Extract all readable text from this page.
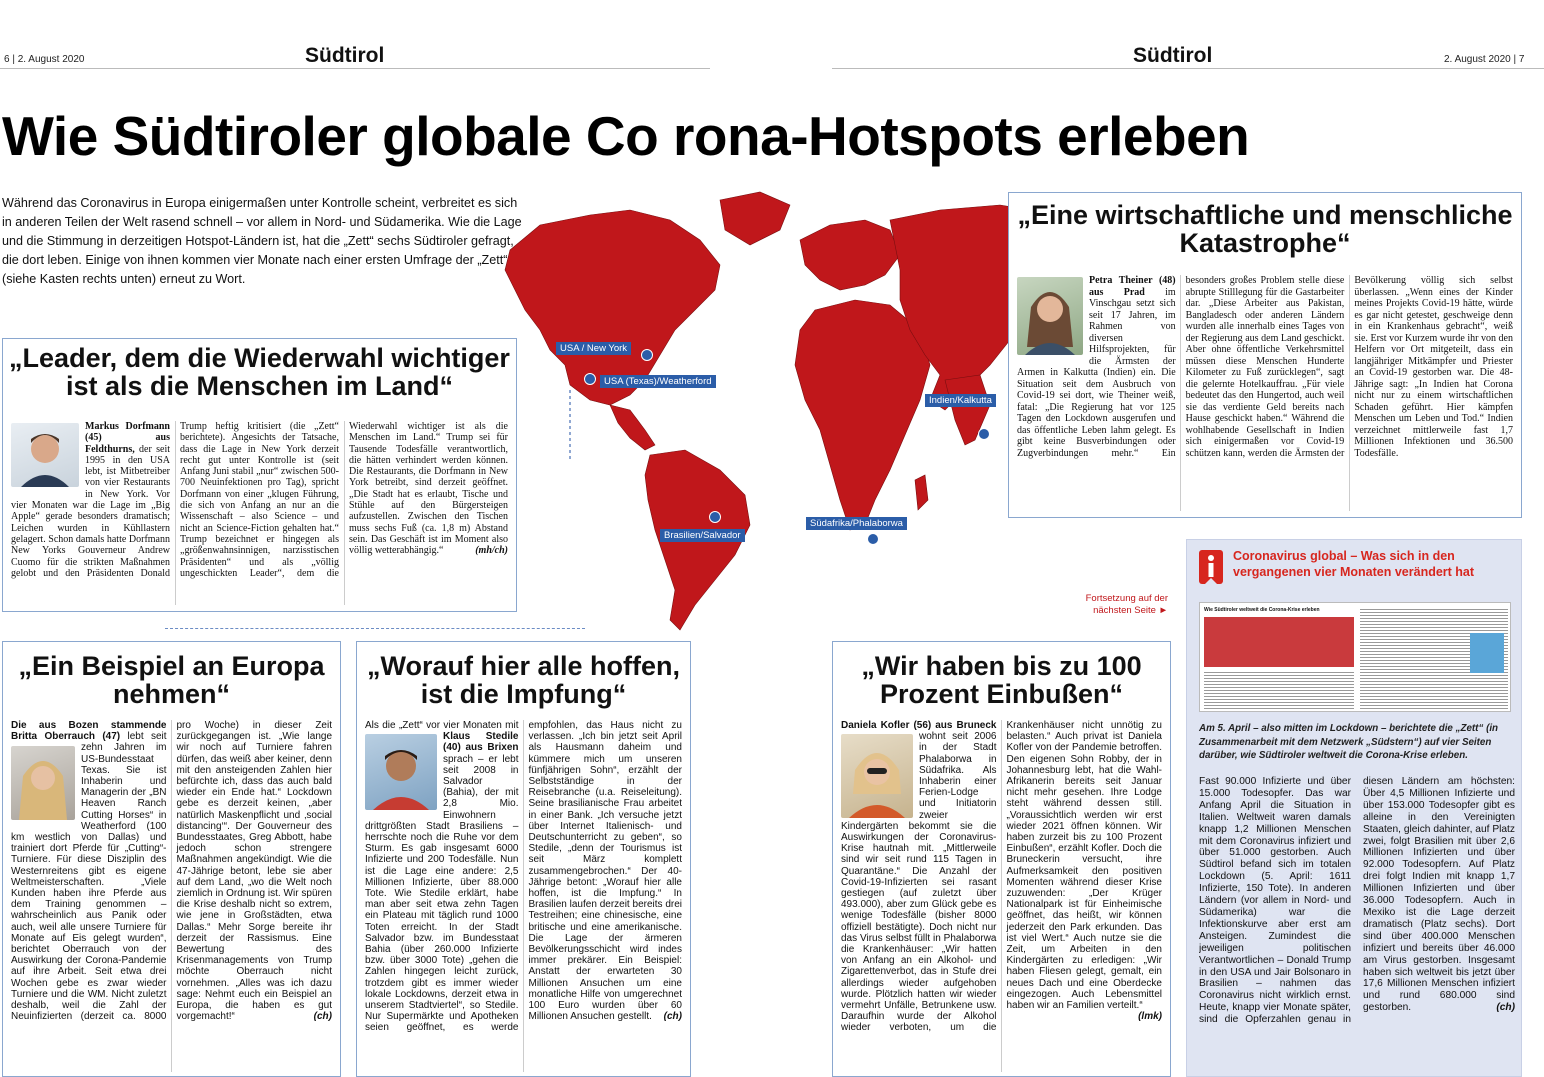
6 | 2. August 2020	Südtirol	Südtirol	2. August 2020 | 7
Wie Südtiroler globale Co rona-Hotspots erleben
USA / New York
USA (Texas)/Weatherford
Indien/Kalkutta
Brasilien/Salvador
Südafrika/Phalaborwa
Während das Coronavirus in Europa einigermaßen unter Kontrolle scheint, verbreitet es sich in anderen Teilen der Welt rasend schnell – vor allem in Nord- und Südamerika. Wie die Lage und die Stimmung in derzeitigen Hotspot-Ländern ist, hat die „Zett“ sechs Südtiroler gefragt, die dort leben. Einige von ihnen kommen vier Monate nach einer ersten Umfrage der „Zett“ (siehe Kasten rechts unten) erneut zu Wort.
Fortsetzung auf der nächsten Seite ►
„Leader, dem die Wiederwahl wichtiger ist als die Menschen im Land“
Markus Dorfmann (45) aus Feldthurns, der seit 1995 in den USA lebt, ist Mitbetreiber von vier Restaurants in New York. Vor vier Monaten war die Lage im „Big Apple“ gerade besonders dramatisch; Leichen wurden in Kühllastern gelagert. Schon damals hatte Dorfmann New Yorks Gouverneur Andrew Cuomo für die strikten Maßnahmen gelobt und den Präsidenten Donald Trump heftig kritisiert (die „Zett“ berichtete). Angesichts der Tatsache, dass die Lage in New York derzeit recht gut unter Kontrolle ist (seit Anfang Juni stabil „nur“ zwischen 500-700 Neuinfektionen pro Tag), spricht Dorfmann von einer „klugen Führung, die sich von Anfang an nur an die Wissenschaft – also Science – und nicht an Science-Fiction gehalten hat.“ Trump bezeichnet er hingegen als „größenwahnsinnigen, narzisstischen Präsidenten“ und als „völlig ungeschickten Leader“, dem die Wiederwahl wichtiger ist als die Menschen im Land.“ Trump sei für Tausende Todesfälle verantwortlich, die hätten verhindert werden können. Die Restaurants, die Dorfmann in New York betreibt, sind derzeit geöffnet. „Die Stadt hat es erlaubt, Tische und Stühle auf den Bürgersteigen aufzustellen. Zwischen den Tischen muss sechs Fuß (ca. 1,8 m) Abstand sein. Das Geschäft ist im Moment also völlig wetterabhängig.“	(mh/ch)
„Eine wirtschaftliche und menschliche Katastrophe“
Petra Theiner (48) aus Prad im Vinschgau setzt sich seit 17 Jahren, im Rahmen von diversen Hilfsprojekten, für die Ärmsten der Armen in Kalkutta (Indien) ein. Die Situation seit dem Ausbruch von Covid-19 sei dort, wie Theiner weiß, fatal: „Die Regierung hat vor 125 Tagen den Lockdown ausgerufen und das öffentliche Leben lahm gelegt. Es gibt keine Busverbindungen oder Zugverbindungen mehr.“ Ein besonders großes Problem stelle diese abrupte Stilllegung für die Gastarbeiter dar. „Diese Arbeiter aus Pakistan, Bangladesch oder anderen Ländern wurden alle innerhalb eines Tages von der Regierung aus dem Land geschickt. Aber ohne öffentliche Verkehrsmittel müssen diese Menschen Hunderte Kilometer zu Fuß zurücklegen“, sagt die gelernte Hotelkauffrau. „Für viele bedeutet das den Hungertod, auch weil sie das verdiente Geld bereits nach Hause geschickt haben.“ Während die wohlhabende Gesellschaft in Indien sich einigermaßen vor Covid-19 schützen kann, werden die Ärmsten der Bevölkerung völlig sich selbst überlassen. „Wenn eines der Kinder meines Projekts Covid-19 hätte, würde es gar nicht getestet, geschweige denn in ein Krankenhaus gebracht“, weiß sie. Erst vor Kurzem wurde ihr von den Helfern vor Ort mitgeteilt, dass ein langjähriger Mitkämpfer und Priester an Covid-19 gestorben war. Die 48-Jährige sagt: „In Indien hat Corona nicht nur zu einem wirtschaftlichen Schaden geführt. Hier kämpfen Menschen um Leben und Tod.“ Indien verzeichnet mittlerweile fast 1,7 Millionen Infektionen und 36.500 Todesfälle.
„Ein Beispiel an Europa nehmen“
Die aus Bozen stammende Britta Oberrauch (47) lebt seit zehn Jahren im US-Bundesstaat Texas. Sie ist Inhaberin und Managerin der „BN Heaven Ranch Cutting Horses“ in Weatherford (100 km westlich von Dallas) und trainiert dort Pferde für „Cutting“-Turniere. Für diese Disziplin des Westernreitens gibt es eigene Weltmeisterschaften. „Viele Kunden haben ihre Pferde aus dem Training genommen – wahrscheinlich aus Panik oder auch, weil alle unsere Turniere für Monate auf Eis gelegt wurden“, berichtet Oberrauch von der Auswirkung der Corona-Pandemie auf ihre Arbeit. Seit etwa drei Wochen gebe es zwar wieder Turniere und die WM. Nicht zuletzt deshalb, weil die Zahl der Neuinfizierten (derzeit ca. 8000 pro Woche) in dieser Zeit zurückgegangen ist. „Wie lange wir noch auf Turniere fahren dürfen, das weiß aber keiner, denn mit den ansteigenden Zahlen hier befürchte ich, dass das auch bald wieder ein Ende hat.“ Lockdown gebe es derzeit keinen, „aber natürlich Maskenpflicht und ‚social distancing‘“. Der Gouverneur des Bundesstaates, Greg Abbott, habe jedoch schon strengere Maßnahmen angekündigt. Wie die 47-Jährige betont, lebe sie aber auf dem Land, „wo die Welt noch ziemlich in Ordnung ist. Wir spüren die Krise deshalb nicht so extrem, wie jene in Großstädten, etwa Dallas.“ Mehr Sorge bereite ihr derzeit der Rassismus. Eine Bewertung des Krisenmanagements von Trump möchte Oberrauch nicht vornehmen. „Alles was ich dazu sage: Nehmt euch ein Beispiel an Europa, die haben es gut vorgemacht!“	(ch)
„Worauf hier alle hoffen, ist die Impfung“
Als die „Zett“ vor vier Monaten mit
Klaus Stedile (40) aus Brixen sprach – er lebt seit 2008 in Salvador (Bahia), der mit 2,8 Mio. Einwohnern drittgrößten Stadt Brasiliens – herrschte noch die Ruhe vor dem Sturm. Es gab insgesamt 6000 Infizierte und 200 Todesfälle. Nun ist die Lage eine andere: 2,5 Millionen Infizierte, über 88.000 Tote. Wie Stedile erklärt, habe man aber seit etwa zehn Tagen ein Plateau mit täglich rund 1000 Toten erreicht. In der Stadt Salvador bzw. im Bundesstaat Bahia (über 260.000 Infizierte bzw. über 3000 Tote) „gehen die Zahlen hingegen leicht zurück, trotzdem gibt es immer wieder lokale Lockdowns, derzeit etwa in unserem Stadtviertel“, so Stedile. Nur Supermärkte und Apotheken seien geöffnet, es werde empfohlen, das Haus nicht zu verlassen. „Ich bin jetzt seit April als Hausmann daheim und kümmere mich um unseren fünfjährigen Sohn“, erzählt der Selbstständige in der Reisebranche (u.a. Reiseleitung). Seine brasilianische Frau arbeitet in einer Bank. „Ich versuche jetzt über Internet Italienisch- und Deutschunterricht zu geben“, so Stedile, „denn der Tourismus ist seit März komplett zusammengebrochen.“ Der 40-Jährige betont: „Worauf hier alle hoffen, ist die Impfung.“ In Brasilien laufen derzeit bereits drei Testreihen; eine chinesische, eine britische und eine amerikanische. Die Lage der ärmeren Bevölkerungsschicht wird indes immer prekärer. Ein Beispiel: Anstatt der erwarteten 30 Millionen Ansuchen um eine monatliche Hilfe von umgerechnet 100 Euro wurden über 60 Millionen Ansuchen gestellt. (ch)
„Wir haben bis zu 100 Prozent Einbußen“
Daniela Kofler (56) aus Bruneck
wohnt seit 2006 in der Stadt Phalaborwa in Südafrika. Als Inhaberin einer Ferien-Lodge und Initiatorin zweier Kindergärten bekommt sie die Auswirkungen der Coronavirus-Krise hautnah mit. „Mittlerweile sind wir seit rund 115 Tagen in Quarantäne.“ Die Anzahl der Covid-19-Infizierten sei rasant gestiegen (auf zuletzt über 493.000), aber zum Glück gebe es wenige Todesfälle (bisher 8000 offiziell bestätigte). Doch nicht nur das Virus selbst füllt in Phalaborwa die Krankenhäuser: „Wir hatten von Anfang an ein Alkohol- und Zigarettenverbot, das in Stufe drei allerdings wieder aufgehoben wurde. Plötzlich hatten wir wieder vermehrt Unfälle, Betrunkene usw. Daraufhin wurde der Alkohol wieder verboten, um die Krankenhäuser nicht unnötig zu belasten.“ Auch privat ist Daniela Kofler von der Pandemie betroffen. Den eigenen Sohn Robby, der in Johannesburg lebt, hat die Wahl-Afrikanerin bereits seit Januar nicht mehr gesehen. Ihre Lodge steht während dessen still. „Voraussichtlich werden wir erst wieder 2021 öffnen können. Wir haben zurzeit bis zu 100 Prozent Einbußen“, erzählt Kofler. Doch die Bruneckerin versucht, ihre Aufmerksamkeit den positiven Momenten während dieser Krise zuzuwenden: „Der Krüger Nationalpark ist für Einheimische geöffnet, das heißt, wir können jederzeit den Park erkunden. Das ist viel Wert.“ Auch nutze sie die Zeit, um Arbeiten in den Kindergärten zu erledigen: „Wir haben Fliesen gelegt, gemalt, ein neues Dach und eine Oberdecke eingezogen. Auch Lebensmittel haben wir an Familien verteilt.“
(lmk)
Coronavirus global – Was sich in den vergangenen vier Monaten verändert hat
Wie Südtiroler weltweit die Corona-Krise erleben
Am 5. April – also mitten im Lockdown – berichtete die „Zett“ (in Zusammenarbeit mit dem Netzwerk „Südstern“) auf vier Seiten darüber, wie Südtiroler weltweit die Corona-Krise erleben.
Fast 90.000 Infizierte und über 15.000 Todesopfer. Das war Anfang April die Situation in Italien. Weltweit waren damals knapp 1,2 Millionen Menschen mit dem Coronavirus infiziert und über 51.000 gestorben. Auch Südtirol befand sich im totalen Lockdown (5. April: 1611 Infizierte, 150 Tote). In anderen Ländern (vor allem in Nord- und Südamerika) war die Infektionskurve aber erst am Ansteigen. Zumindest die jeweiligen politischen Verantwortlichen – Donald Trump in den USA und Jair Bolsonaro in Brasilien – nahmen das Coronavirus nicht wirklich ernst. Heute, knapp vier Monate später, sind die Opferzahlen genau in diesen Ländern am höchsten: Über 4,5 Millionen Infizierte und über 153.000 Todesopfer gibt es alleine in den Vereinigten Staaten, gleich dahinter, auf Platz zwei, folgt Brasilien mit über 2,6 Millionen Infizierten und über 92.000 Todesopfern. Auf Platz drei folgt Indien mit knapp 1,7 Millionen Infizierten und über 36.000 Todesopfern. Auch in Mexiko ist die Lage derzeit dramatisch (Platz sechs). Dort sind über 400.000 Menschen infiziert und bereits über 46.000 am Virus gestorben. Insgesamt haben sich weltweit bis jetzt über 17,6 Millionen Menschen infiziert und rund 680.000 sind gestorben.	(ch)
